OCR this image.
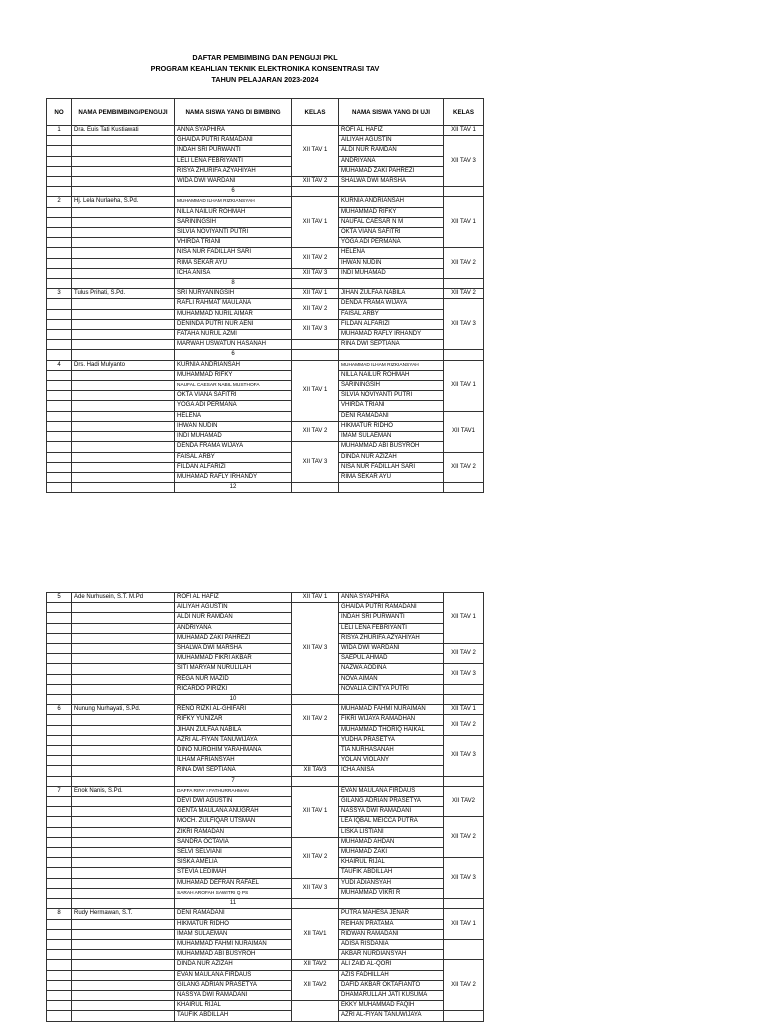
DAFTAR PEMBIMBING DAN PENGUJI PKL
PROGRAM KEAHLIAN TEKNIK ELEKTRONIKA KONSENTRASI TAV
TAHUN PELAJARAN 2023-2024
NO	NAMA PEMBIMBING/PENGUJI	NAMA SISWA YANG DI BIMBING	KELAS	NAMA SISWA YANG DI UJI	KELAS
1	Dra. Euis Tati Kustiawati	ANNA SYAPHIRA	XII TAV 1	ROFI AL HAFIZ	XII TAV 1
		GHAIDA PUTRI RAMADANI		AILIYAH AGUSTIN	XII TAV 3
		INDAH SRI PURWANTI		ALDI NUR RAMDAN	
		LELI LENA FEBRIYANTI		ANDRIYANA	
		RISYA ZHURIFA AZYAHIYAH		MUHAMAD ZAKI PAHREZI	
		WIDA DWI WARDANI	XII TAV 2	SHALWA DWI MARSHA	
		6			
2	Hj. Lela Nurlaeha, S.Pd.	MUHAMMAD ILHAM RIZKIANSYAH	XII TAV 1	KURNIA ANDRIANSAH	XII TAV 1
		NILLA NAILUR ROHMAH		MUHAMMAD RIFKY	
		SARININGSIH		NAUFAL CAESAR N M	
		SILVIA NOVIYANTI PUTRI		OKTA VIANA SAFITRI	
		VHIRDA TRIANI		YOGA ADI PERMANA	
		NISA NUR FADILLAH SARI	XII TAV 2	HELENA	XII TAV 2
		RIMA SEKAR AYU		IHWAN NUDIN	
		ICHA ANISA	XII TAV 3	INDI MUHAMAD	
		8			
3	Tulus Prihati, S.Pd.	SRI NURYANINGSIH	XII TAV 1	JIHAN ZULFAA NABILA	XII TAV 2
		RAFLI RAHMAT MAULANA	XII TAV 2	DENDA FRAMA WIJAYA	XII TAV 3
		MUHAMMAD NURIL AIMAR		FAISAL ARBY	
		DENINDA PUTRI NUR AENI	XII TAV 3	FILDAN ALFARIZI	
		FATAHA NURUL AZMI		MUHAMAD RAFLY IRHANDY	
		MARWAH USWATUN HASANAH		RINA DWI SEPTIANA	
		6			
4	Drs. Hadi Mulyanto	KURNIA ANDRIANSAH	XII TAV 1	MUHAMMAD ILHAM RIZKIANSYAH	XII TAV 1
		MUHAMMAD RIFKY		NILLA NAILUR ROHMAH	
		NAUFAL CAESAR NABIL MUSTHOFA		SARININGSIH	
		OKTA VIANA SAFITRI		SILVIA NOVIYANTI PUTRI	
		YOGA ADI PERMANA		VHIRDA TRIANI	
		HELENA		DENI RAMADANI	XII TAV1
		IHWAN NUDIN	XII TAV 2	HIKMATUR RIDHO	
		INDI MUHAMAD		IMAM SULAEMAN	
		DENDA FRAMA WIJAYA	XII TAV 3	MUHAMMAD ABI BUSYROH	
		FAISAL ARBY		DINDA NUR AZIZAH	XII TAV 2
		FILDAN ALFARIZI		NISA NUR FADILLAH SARI	
		MUHAMAD RAFLY IRHANDY		RIMA SEKAR AYU	
		12			
5	Ade Nurhusein, S.T. M.Pd	ROFI AL HAFIZ	XII TAV 1	ANNA SYAPHIRA	XII TAV 1
		AILIYAH AGUSTIN	XII TAV 3	GHAIDA PUTRI RAMADANI	
		ALDI NUR RAMDAN		INDAH SRI PURWANTI	
		ANDRIYANA		LELI LENA FEBRIYANTI	
		MUHAMAD ZAKI PAHREZI		RISYA ZHURIFA AZYAHIYAH	
		SHALWA DWI MARSHA		WIDA DWI WARDANI	XII TAV 2
		MUHAMMAD FIKRI AKBAR		SAEPUL AHMAD	
		SITI MARYAM NURULILAH		NAZWA AODINA	XII TAV 3
		REGA NUR MAZID		NOVA AIMAN	
		RICARDO PIRIZKI		NOVALIA CINTYA PUTRI	
		10			
6	Nunung Nurhayati, S.Pd.	RENO RIZKI AL-GHIFARI	XII TAV 2	MUHAMAD FAHMI NURAIMAN	XII TAV 1
		RIFKY YUNIZAR		FIKRI WIJAYA RAMADHAN	XII TAV 2
		JIHAN ZULFAA NABILA		MUHAMMAD THORIQ HAIKAL	
		AZRI AL-FIYAN TANUWIJAYA		YUDHA PRASETYA	XII TAV 3
		DINO NUROHIM YARAHMANA		TIA NURHASANAH	
		ILHAM AFRIANSYAH		YOLAN VIOLANY	
		RINA DWI SEPTIANA	XII TAV3	ICHA ANISA	
		7			
7	Enok Nanis, S.Pd.	DAFFA RIFA' I FATHURRAHMAN	XII TAV 1	EVAN MAULANA FIRDAUS	XII TAV2
		DEVI DWI AGUSTIN		GILANG ADRIAN PRASETYA	
		GENTA MAULANA ANUGRAH		NASSYA DWI RAMADANI	
		MOCH. ZULFIQAR UTSMAN		LEA IQBAL MEICCA PUTRA	XII TAV 2
		ZIKRI RAMADAN		LISKA LISTIANI	
		SANDRA OCTAVIA	XII TAV 2	MUHAMAD AHDAN	
		SELVI SELVIANI		MUHAMAD ZAKI	
		SISKA AMELIA		KHAIRUL RIJAL	XII TAV 3
		STEVIA LEDIMAH		TAUFIK ABDILLAH	
		MUHAMAD DEFRAN RAFAEL	XII TAV 3	YUDI ADIANSYAH	
		SARAH AROFAH SAWITRI Q PS		MUHAMMAD VIKRI R	
		11			
8	Rudy Hermawan, S.T.	DENI RAMADANI	XII TAV1	PUTRA MAHESA JENAR	XII TAV 1
		HIKMATUR RIDHO		REIHAN PRATAMA	
		IMAM SULAEMAN		RIDWAN RAMADANI	
		MUHAMMAD FAHMI NURAIMAN		ADISA RISDANIA	
		MUHAMMAD ABI BUSYROH		AKBAR NURDIANSYAH	
		DINDA NUR AZIZAH	XII TAV2	ALI ZAID AL-QORI	XII TAV 2
		EVAN MAULANA FIRDAUS	XII TAV2	AZIS FADHILLAH	
		GILANG ADRIAN PRASETYA		DAFID AKBAR OKTAFIANTO	
		NASSYA DWI RAMADANI		DHAMARULLAH JATI KUSUMA	
		KHAIRUL RIJAL		EKKY MUHAMMAD FAQIH	
		TAUFIK ABDILLAH		AZRI AL-FIYAN TANUWIJAYA	
